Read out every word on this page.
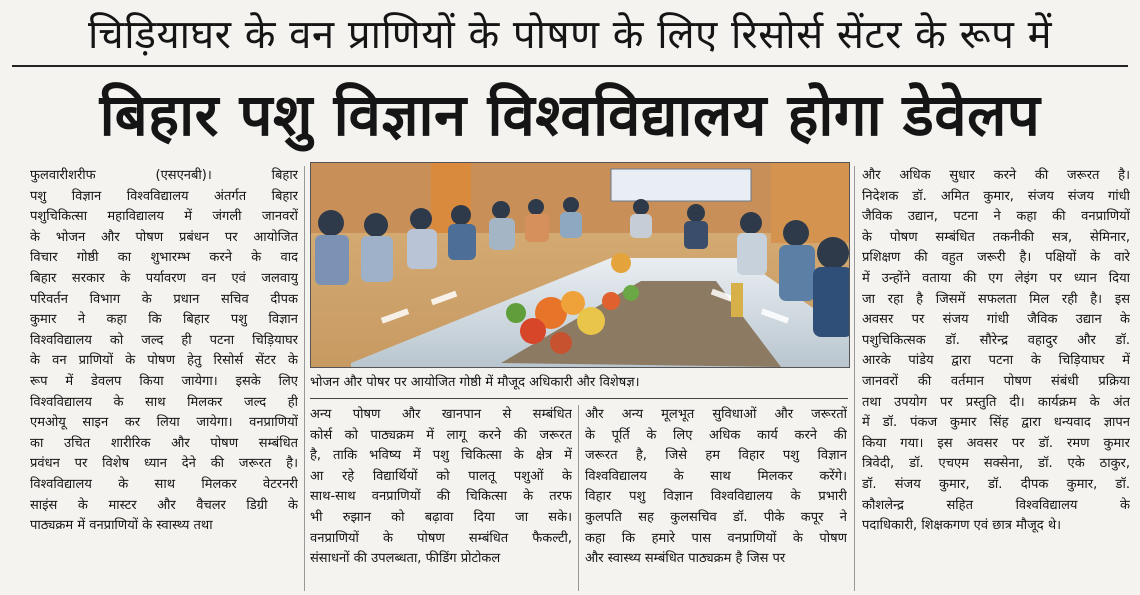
चिड़ियाघर के वन प्राणियों के पोषण के लिए रिसोर्स सेंटर के रूप में
बिहार पशु विज्ञान विश्वविद्यालय होगा डेवेलप
फुलवारीशरीफ (एसएनबी)। बिहार
पशु विज्ञान विश्वविद्यालय अंतर्गत बिहार
पशुचिकित्सा महाविद्यालय में जंगली जानवरों
के भोजन और पोषण प्रबंधन पर आयोजित
विचार गोष्ठी का शुभारम्भ करने के वाद
बिहार सरकार के पर्यावरण वन एवं जलवायु
परिवर्तन विभाग के प्रधान सचिव दीपक
कुमार ने कहा कि बिहार पशु विज्ञान
विश्वविद्यालय को जल्द ही पटना चिड़ियाघर
के वन प्राणियों के पोषण हेतु रिसोर्स सेंटर के
रूप में डेवलप किया जायेगा। इसके लिए
विश्वविद्यालय के साथ मिलकर जल्द ही
एमओयू साइन कर लिया जायेगा। वनप्राणियों
का उचित शारीरिक और पोषण सम्बंधित
प्रवंधन पर विशेष ध्यान देने की जरूरत है।
विश्वविद्यालय के साथ मिलकर वेटरनरी
साइंस के मास्टर और वैचलर डिग्री के
पाठ्यक्रम में वनप्राणियों के स्वास्थ्य तथा
भोजन और पोषर पर आयोजित गोष्ठी में मौजूद अधिकारी और विशेषज्ञ।
अन्य पोषण और खानपान से सम्बंधित
कोर्स को पाठ्यक्रम में लागू करने की जरूरत
है, ताकि भविष्य में पशु चिकित्सा के क्षेत्र में
आ रहे विद्यार्थियों को पालतू पशुओं के
साथ-साथ वनप्राणियों की चिकित्सा के तरफ
भी रुझान को बढ़ावा दिया जा सके।
वनप्राणियों के पोषण सम्बंधित फैकल्टी,
संसाधनों की उपलब्धता, फीडिंग प्रोटोकल
और अन्य मूलभूत सुविधाओं और जरूरतों
के पूर्ति के लिए अधिक कार्य करने की
जरूरत है, जिसे हम विहार पशु विज्ञान
विश्वविद्यालय के साथ मिलकर करेंगे।
विहार पशु विज्ञान विश्वविद्यालय के प्रभारी
कुलपति सह कुलसचिव डॉ. पीके कपूर ने
कहा कि हमारे पास वनप्राणियों के पोषण
और स्वास्थ्य सम्बंधित पाठ्यक्रम है जिस पर
और अधिक सुधार करने की जरूरत है।
निदेशक डॉ. अमित कुमार, संजय संजय गांधी
जैविक उद्यान, पटना ने कहा की वनप्राणियों
के पोषण सम्बंधित तकनीकी सत्र, सेमिनार,
प्रशिक्षण की वहुत जरूरी है। पक्षियों के वारे
में उन्होंने वताया की एग लेइंग पर ध्यान दिया
जा रहा है जिसमें सफलता मिल रही है। इस
अवसर पर संजय गांधी जैविक उद्यान के
पशुचिकित्सक डॉ. सौरेन्द्र वहादुर और डॉ.
आरके पांडेय द्वारा पटना के चिड़ियाघर में
जानवरों की वर्तमान पोषण संबंधी प्रक्रिया
तथा उपयोग पर प्रस्तुति दी। कार्यक्रम के अंत
में डॉ. पंकज कुमार सिंह द्वारा धन्यवाद ज्ञापन
किया गया। इस अवसर पर डॉ. रमण कुमार
त्रिवेदी, डॉ. एचएम सक्सेना, डॉ. एके ठाकुर,
डॉ. संजय कुमार, डॉ. दीपक कुमार, डॉ.
कौशलेन्द्र सहित विश्वविद्यालय के
पदाधिकारी, शिक्षकगण एवं छात्र मौजूद थे।
